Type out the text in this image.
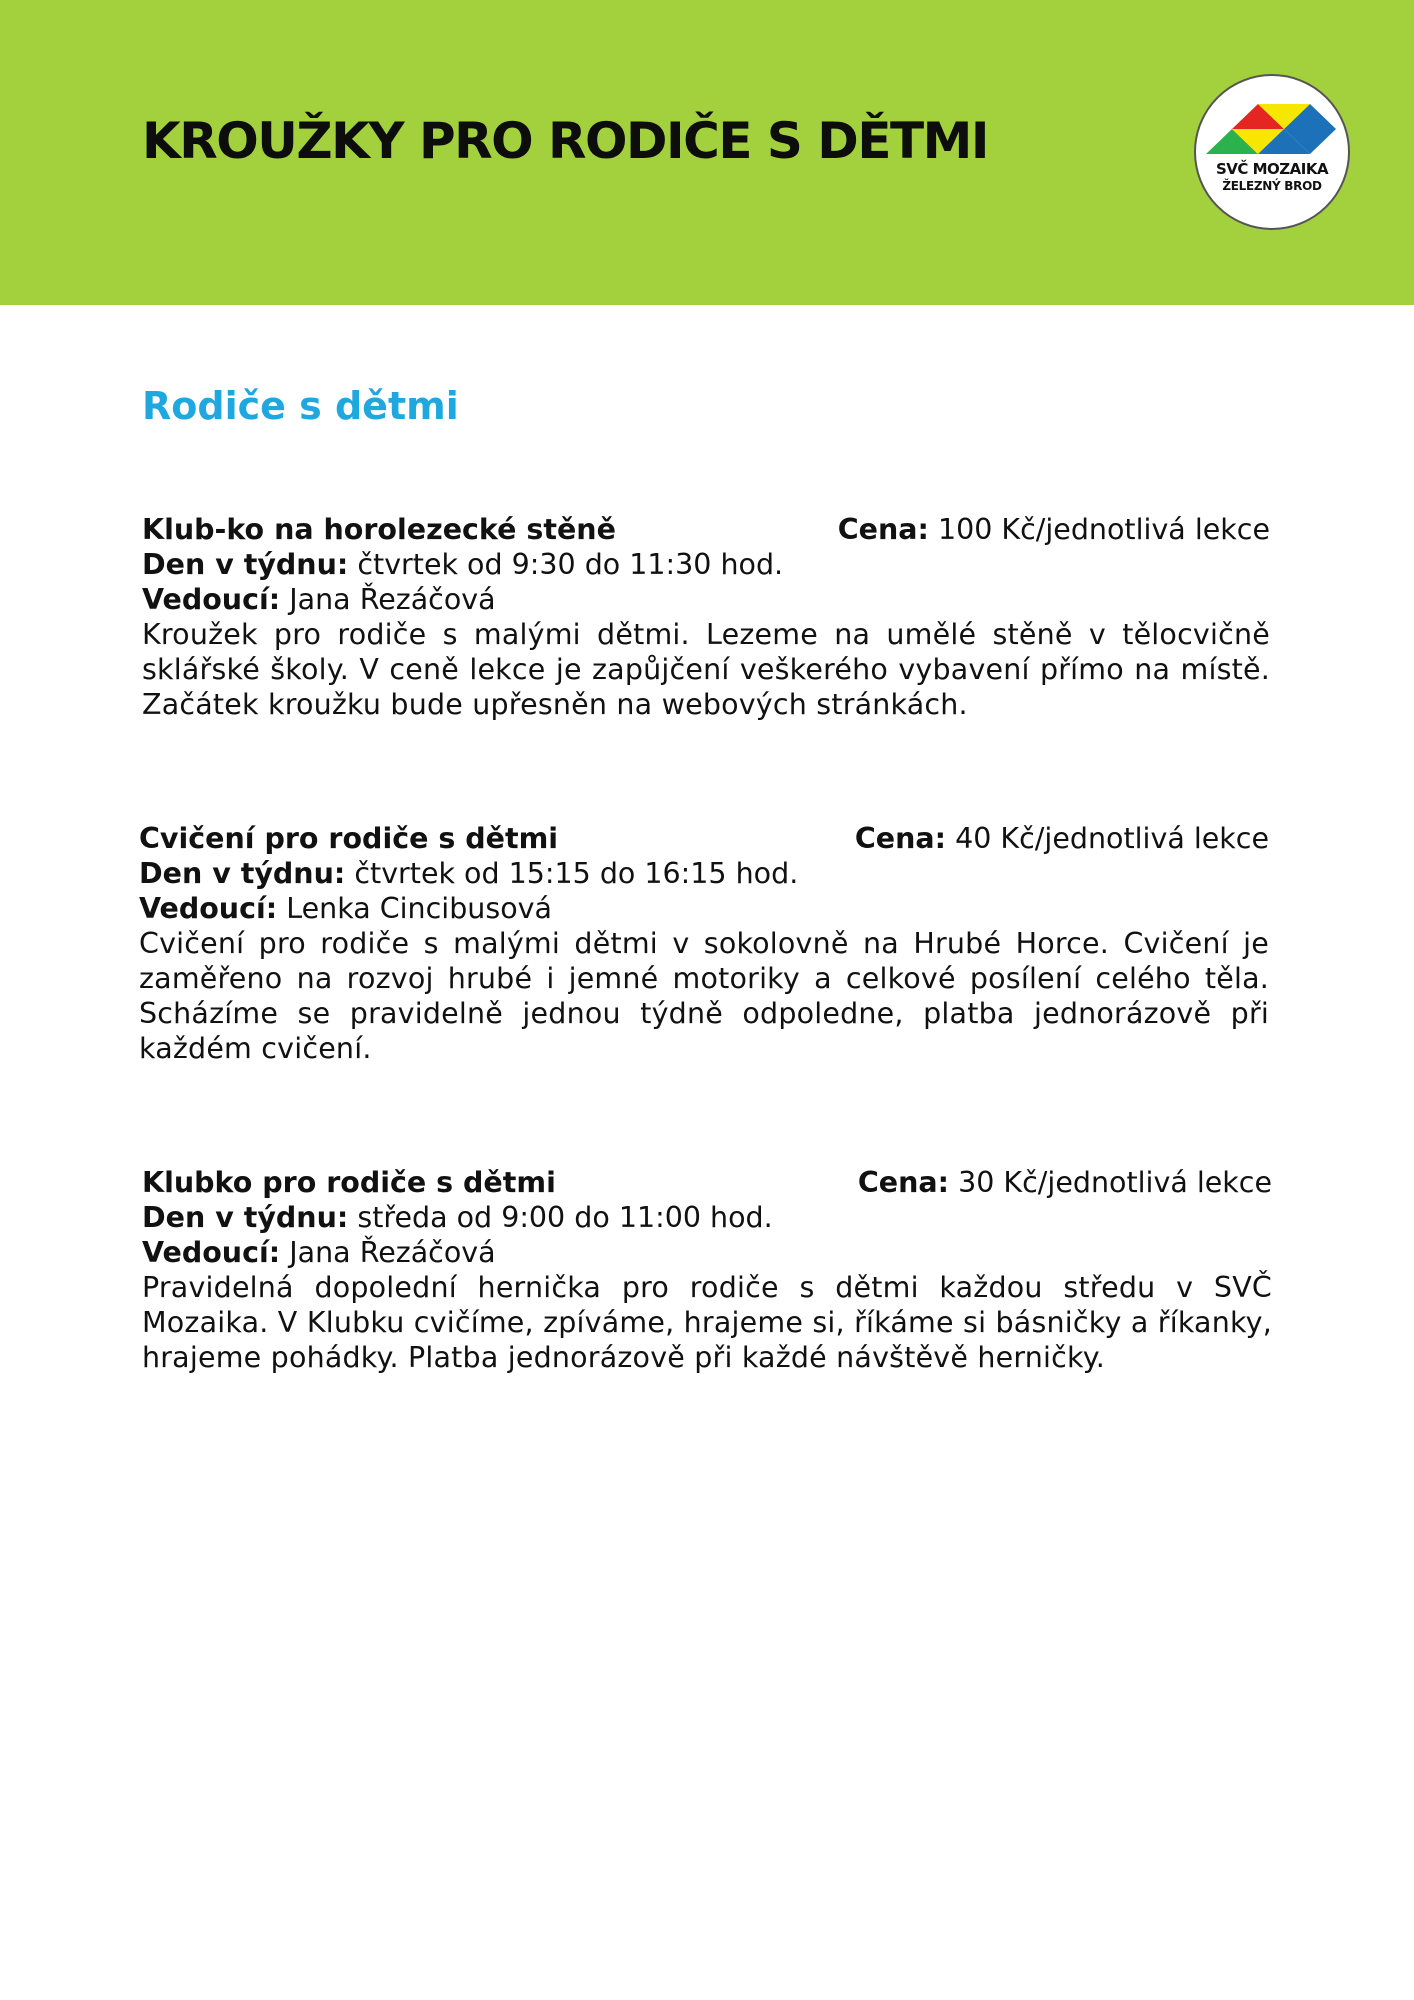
KROUŽKY PRO RODIČE S DĚTMI	SVČ MOZAIKA
ŽELEZNÝ BROD
Rodiče s dětmi
Klub-ko na horolezecké stěně	Cena: 100 Kč/jednotlivá lekce
Den v týdnu: čtvrtek od 9:30 do 11:30 hod.
Vedoucí: Jana Řezáčová
Kroužek pro rodiče s malými dětmi. Lezeme na umělé stěně v tělocvičně sklářské školy. V ceně lekce je zapůjčení veškerého vybavení přímo na místě. Začátek kroužku bude upřesněn na webových stránkách.
Cvičení pro rodiče s dětmi	Cena: 40 Kč/jednotlivá lekce
Den v týdnu: čtvrtek od 15:15 do 16:15 hod.
Vedoucí: Lenka Cincibusová
Cvičení pro rodiče s malými dětmi v sokolovně na Hrubé Horce. Cvičení je zaměřeno na rozvoj hrubé i jemné motoriky a celkové posílení celého těla. Scházíme se pravidelně jednou týdně odpoledne, platba jednorázově při každém cvičení.
Klubko pro rodiče s dětmi	Cena: 30 Kč/jednotlivá lekce
Den v týdnu: středa od 9:00 do 11:00 hod.
Vedoucí: Jana Řezáčová
Pravidelná dopolední hernička pro rodiče s dětmi každou středu v SVČ Mozaika. V Klubku cvičíme, zpíváme, hrajeme si, říkáme si básničky a říkanky, hrajeme pohádky. Platba jednorázově při každé návštěvě herničky.
